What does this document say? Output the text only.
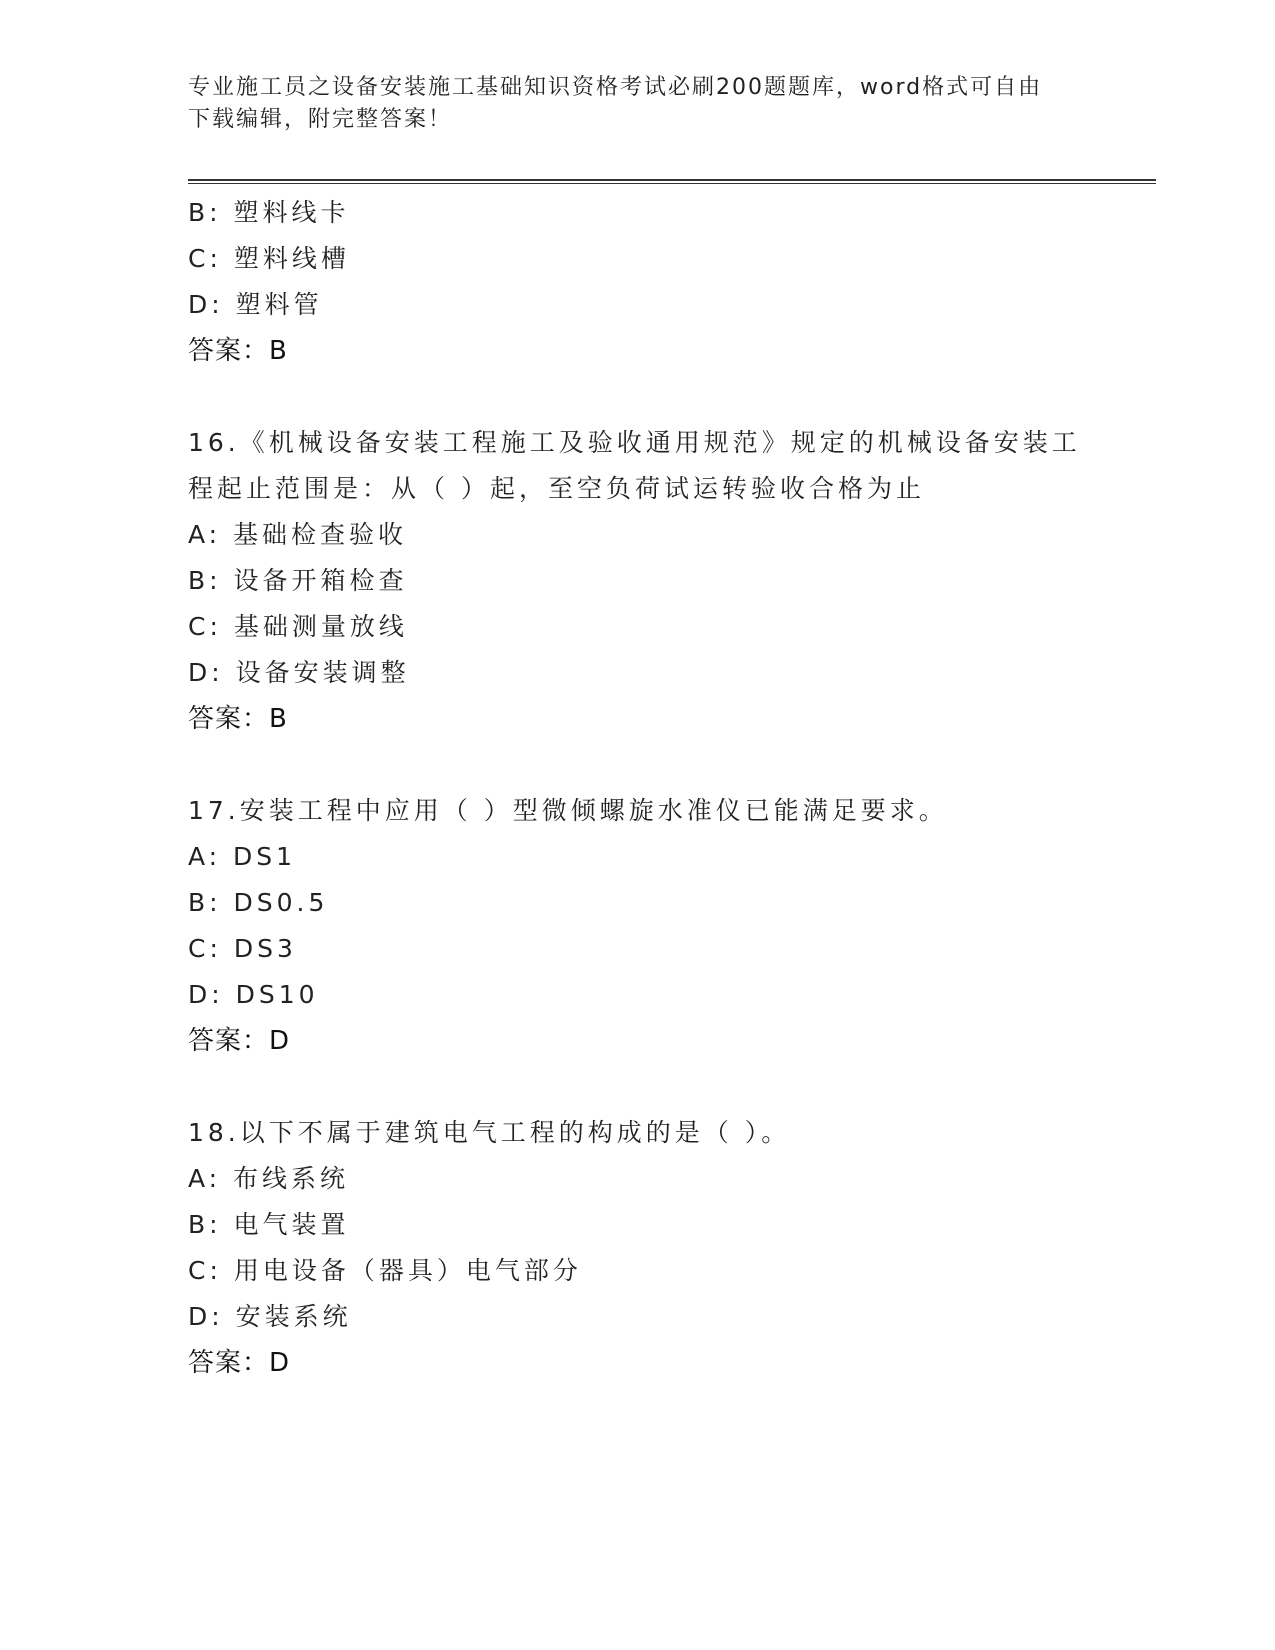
专业施工员之设备安装施工基础知识资格考试必刷200题题库，word格式可自由
下载编辑，附完整答案！
B: 塑料线卡
C: 塑料线槽
D: 塑料管
答案：B
16.《机械设备安装工程施工及验收通用规范》规定的机械设备安装工
程起止范围是：从（ ）起，至空负荷试运转验收合格为止
A: 基础检查验收
B: 设备开箱检查
C: 基础测量放线
D: 设备安装调整
答案：B
17.安装工程中应用（ ）型微倾螺旋水准仪已能满足要求。
A: DS1
B: DS0.5
C: DS3
D: DS10
答案：D
18.以下不属于建筑电气工程的构成的是（ ）。
A: 布线系统
B: 电气装置
C: 用电设备（器具）电气部分
D: 安装系统
答案：D
